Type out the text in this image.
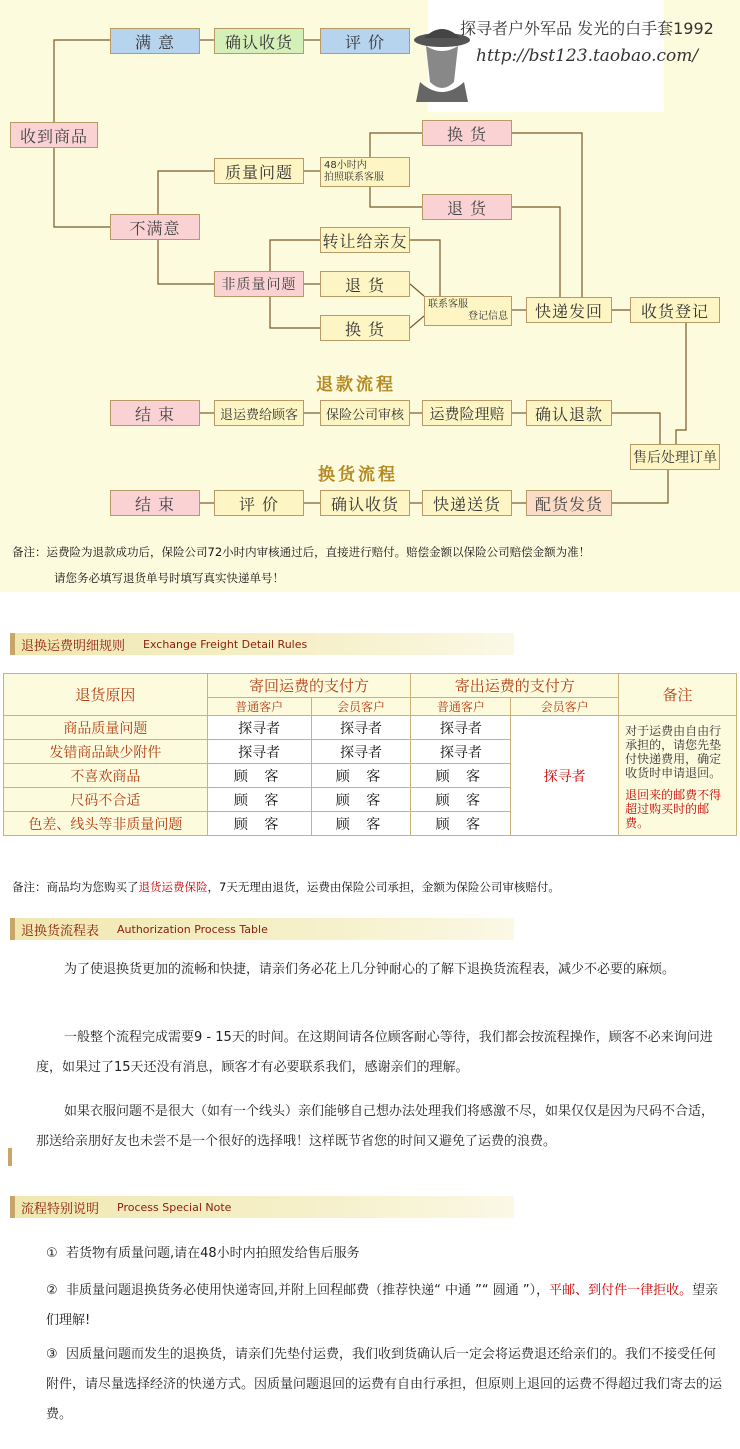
探寻者户外军品 发光的白手套1992
http://bst123.taobao.com/
收到商品
满 意	确认收货	评 价
不满意
质量问题	48小时内
拍照联系客服
换 货
退 货
转让给亲友
非质量问题	退 货
换 货
联系客服
登记信息	快递发回	收货登记
退款流程
结 束	退运费给顾客	保险公司审核	运费险理赔	确认退款
售后处理订单
换货流程
结 束	评 价	确认收货	快递送货	配货发货
备注：运费险为退款成功后，保险公司72小时内审核通过后，直接进行赔付。赔偿金额以保险公司赔偿金额为准！
请您务必填写退货单号时填写真实快递单号！
退换运费明细规则 Exchange Freight Detail Rules
退货原因	寄回运费的支付方		寄出运费的支付方		备注
	普通客户	会员客户	普通客户	会员客户	
商品质量问题	探寻者	探寻者	探寻者	探寻者	对于运费由自由行承担的，请您先垫付快递费用，确定收货时申请退回。
退回来的邮费不得超过购买时的邮费。

发错商品缺少附件	探寻者	探寻者	探寻者		
不喜欢商品	顾 客	顾 客	顾 客		
尺码不合适	顾 客	顾 客	顾 客		
色差、线头等非质量问题	顾 客	顾 客	顾 客		
备注：商品均为您购买了退货运费保险，7天无理由退货，运费由保险公司承担，金额为保险公司审核赔付。
退换货流程表 Authorization Process Table
为了使退换货更加的流畅和快捷，请亲们务必花上几分钟耐心的了解下退换货流程表，减少不必要的麻烦。
一般整个流程完成需要9 - 15天的时间。在这期间请各位顾客耐心等待，我们都会按流程操作，顾客不必来询问进度，如果过了15天还没有消息，顾客才有必要联系我们，感谢亲们的理解。
如果衣服问题不是很大（如有一个线头）亲们能够自己想办法处理我们将感激不尽，如果仅仅是因为尺码不合适，那送给亲朋好友也未尝不是一个很好的选择哦！这样既节省您的时间又避免了运费的浪费。
流程特别说明 Process Special Note
① 若货物有质量问题,请在48小时内拍照发给售后服务
② 非质量问题退换货务必使用快递寄回,并附上回程邮费（推荐快递“ 中通 ”“ 圆通 ”），平邮、到付件一律拒收。望亲们理解!
③ 因质量问题而发生的退换货，请亲们先垫付运费，我们收到货确认后一定会将运费退还给亲们的。我们不接受任何附件，请尽量选择经济的快递方式。因质量问题退回的运费有自由行承担，但原则上退回的运费不得超过我们寄去的运费。
